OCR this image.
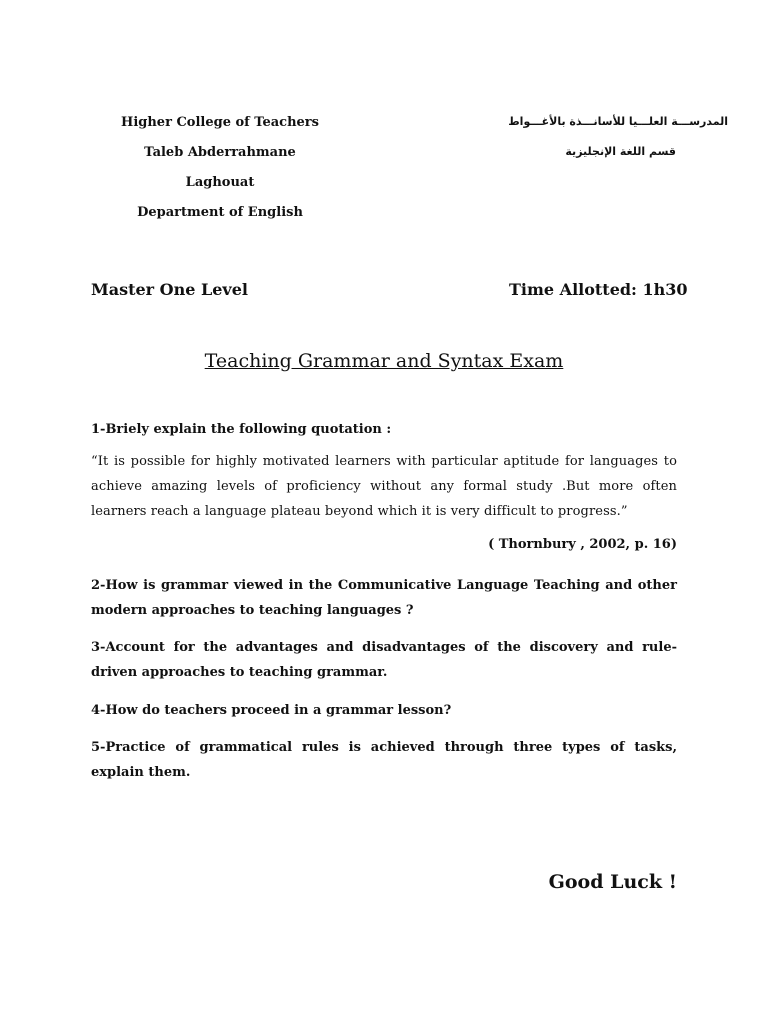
Higher College of Teachers
Taleb Abderrahmane
Laghouat
Department of English
المدرســـة العلـــيا للأسانـــذة بالأغـــواط
قسم اللغة الإنجليزية
Master One Level	Time Allotted: 1h30
Teaching Grammar and Syntax Exam
1-Briely explain the following quotation :
“It is possible for highly motivated learners with particular aptitude for languages to achieve amazing levels of proficiency without any formal study .But more often learners reach a language plateau beyond which it is very difficult to progress.”
( Thornbury , 2002, p. 16)
2-How is grammar viewed in the Communicative Language Teaching and other modern approaches to teaching languages ?
3-Account for the advantages and disadvantages of the discovery and rule-driven approaches to teaching grammar.
4-How do teachers proceed in a grammar lesson?
5-Practice of grammatical rules is achieved through three types of tasks, explain them.
Good Luck !
